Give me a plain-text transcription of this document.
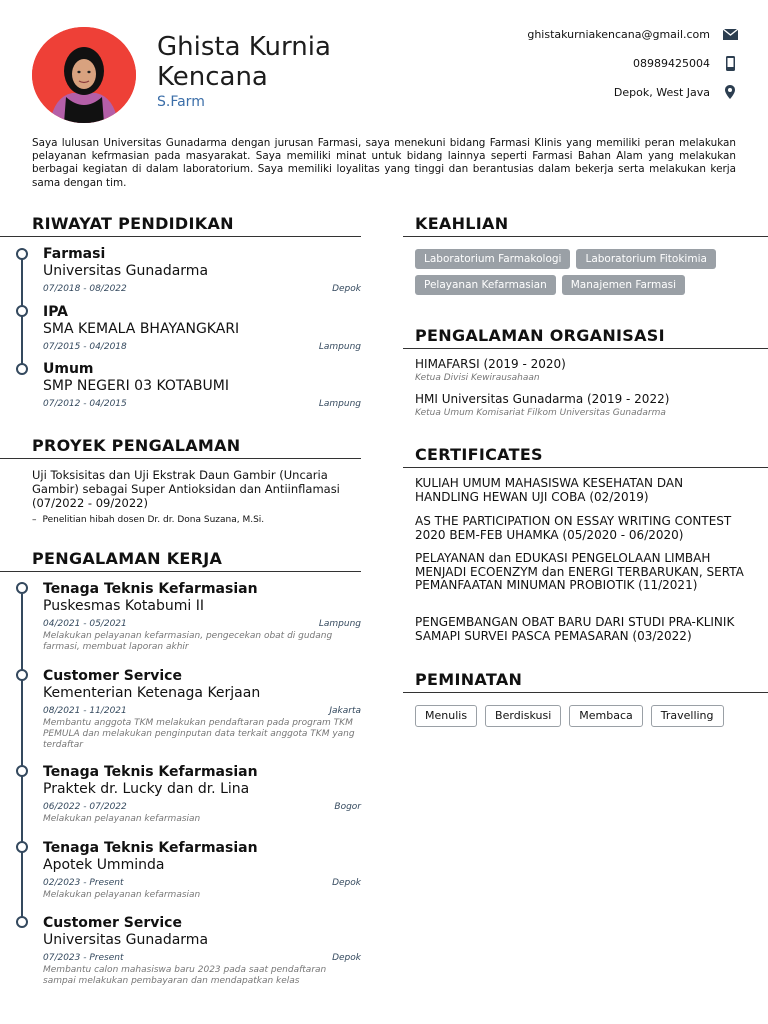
Ghista Kurnia Kencana
S.Farm
ghistakurniakencana@gmail.com
08989425004
Depok, West Java
Saya lulusan Universitas Gunadarma dengan jurusan Farmasi, saya menekuni bidang Farmasi Klinis yang memiliki peran melakukan pelayanan kefrmasian pada masyarakat. Saya memiliki minat untuk bidang lainnya seperti Farmasi Bahan Alam yang melakukan berbagai kegiatan di dalam laboratorium. Saya memiliki loyalitas yang tinggi dan berantusias dalam bekerja serta melakukan kerja sama dengan tim.
RIWAYAT PENDIDIKAN
Farmasi
Universitas Gunadarma
07/2018 - 08/2022	Depok
IPA
SMA KEMALA BHAYANGKARI
07/2015 - 04/2018	Lampung
Umum
SMP NEGERI 03 KOTABUMI
07/2012 - 04/2015	Lampung
PROYEK PENGALAMAN
Uji Toksisitas dan Uji Ekstrak Daun Gambir (Uncaria Gambir) sebagai Super Antioksidan dan Antiinflamasi (07/2022 - 09/2022)
– Penelitian hibah dosen Dr. dr. Dona Suzana, M.Si.
PENGALAMAN KERJA
Tenaga Teknis Kefarmasian
Puskesmas Kotabumi II
04/2021 - 05/2021	Lampung
Melakukan pelayanan kefarmasian, pengecekan obat di gudang farmasi, membuat laporan akhir
Customer Service
Kementerian Ketenaga Kerjaan
08/2021 - 11/2021	Jakarta
Membantu anggota TKM melakukan pendaftaran pada program TKM PEMULA dan melakukan penginputan data terkait anggota TKM yang terdaftar
Tenaga Teknis Kefarmasian
Praktek dr. Lucky dan dr. Lina
06/2022 - 07/2022	Bogor
Melakukan pelayanan kefarmasian
Tenaga Teknis Kefarmasian
Apotek Umminda
02/2023 - Present	Depok
Melakukan pelayanan kefarmasian
Customer Service
Universitas Gunadarma
07/2023 - Present	Depok
Membantu calon mahasiswa baru 2023 pada saat pendaftaran sampai melakukan pembayaran dan mendapatkan kelas
KEAHLIAN
Laboratorium Farmakologi	Laboratorium Fitokimia
Pelayanan Kefarmasian	Manajemen Farmasi
PENGALAMAN ORGANISASI
HIMAFARSI (2019 - 2020)
Ketua Divisi Kewirausahaan
HMI Universitas Gunadarma (2019 - 2022)
Ketua Umum Komisariat Filkom Universitas Gunadarma
CERTIFICATES
KULIAH UMUM MAHASISWA KESEHATAN DAN HANDLING HEWAN UJI COBA (02/2019)
AS THE PARTICIPATION ON ESSAY WRITING CONTEST 2020 BEM-FEB UHAMKA (05/2020 - 06/2020)
PELAYANAN dan EDUKASI PENGELOLAAN LIMBAH MENJADI ECOENZYM dan ENERGI TERBARUKAN, SERTA PEMANFAATAN MINUMAN PROBIOTIK (11/2021)
PENGEMBANGAN OBAT BARU DARI STUDI PRA-KLINIK SAMAPI SURVEI PASCA PEMASARAN (03/2022)
PEMINATAN
Menulis	Berdiskusi	Membaca	Travelling
